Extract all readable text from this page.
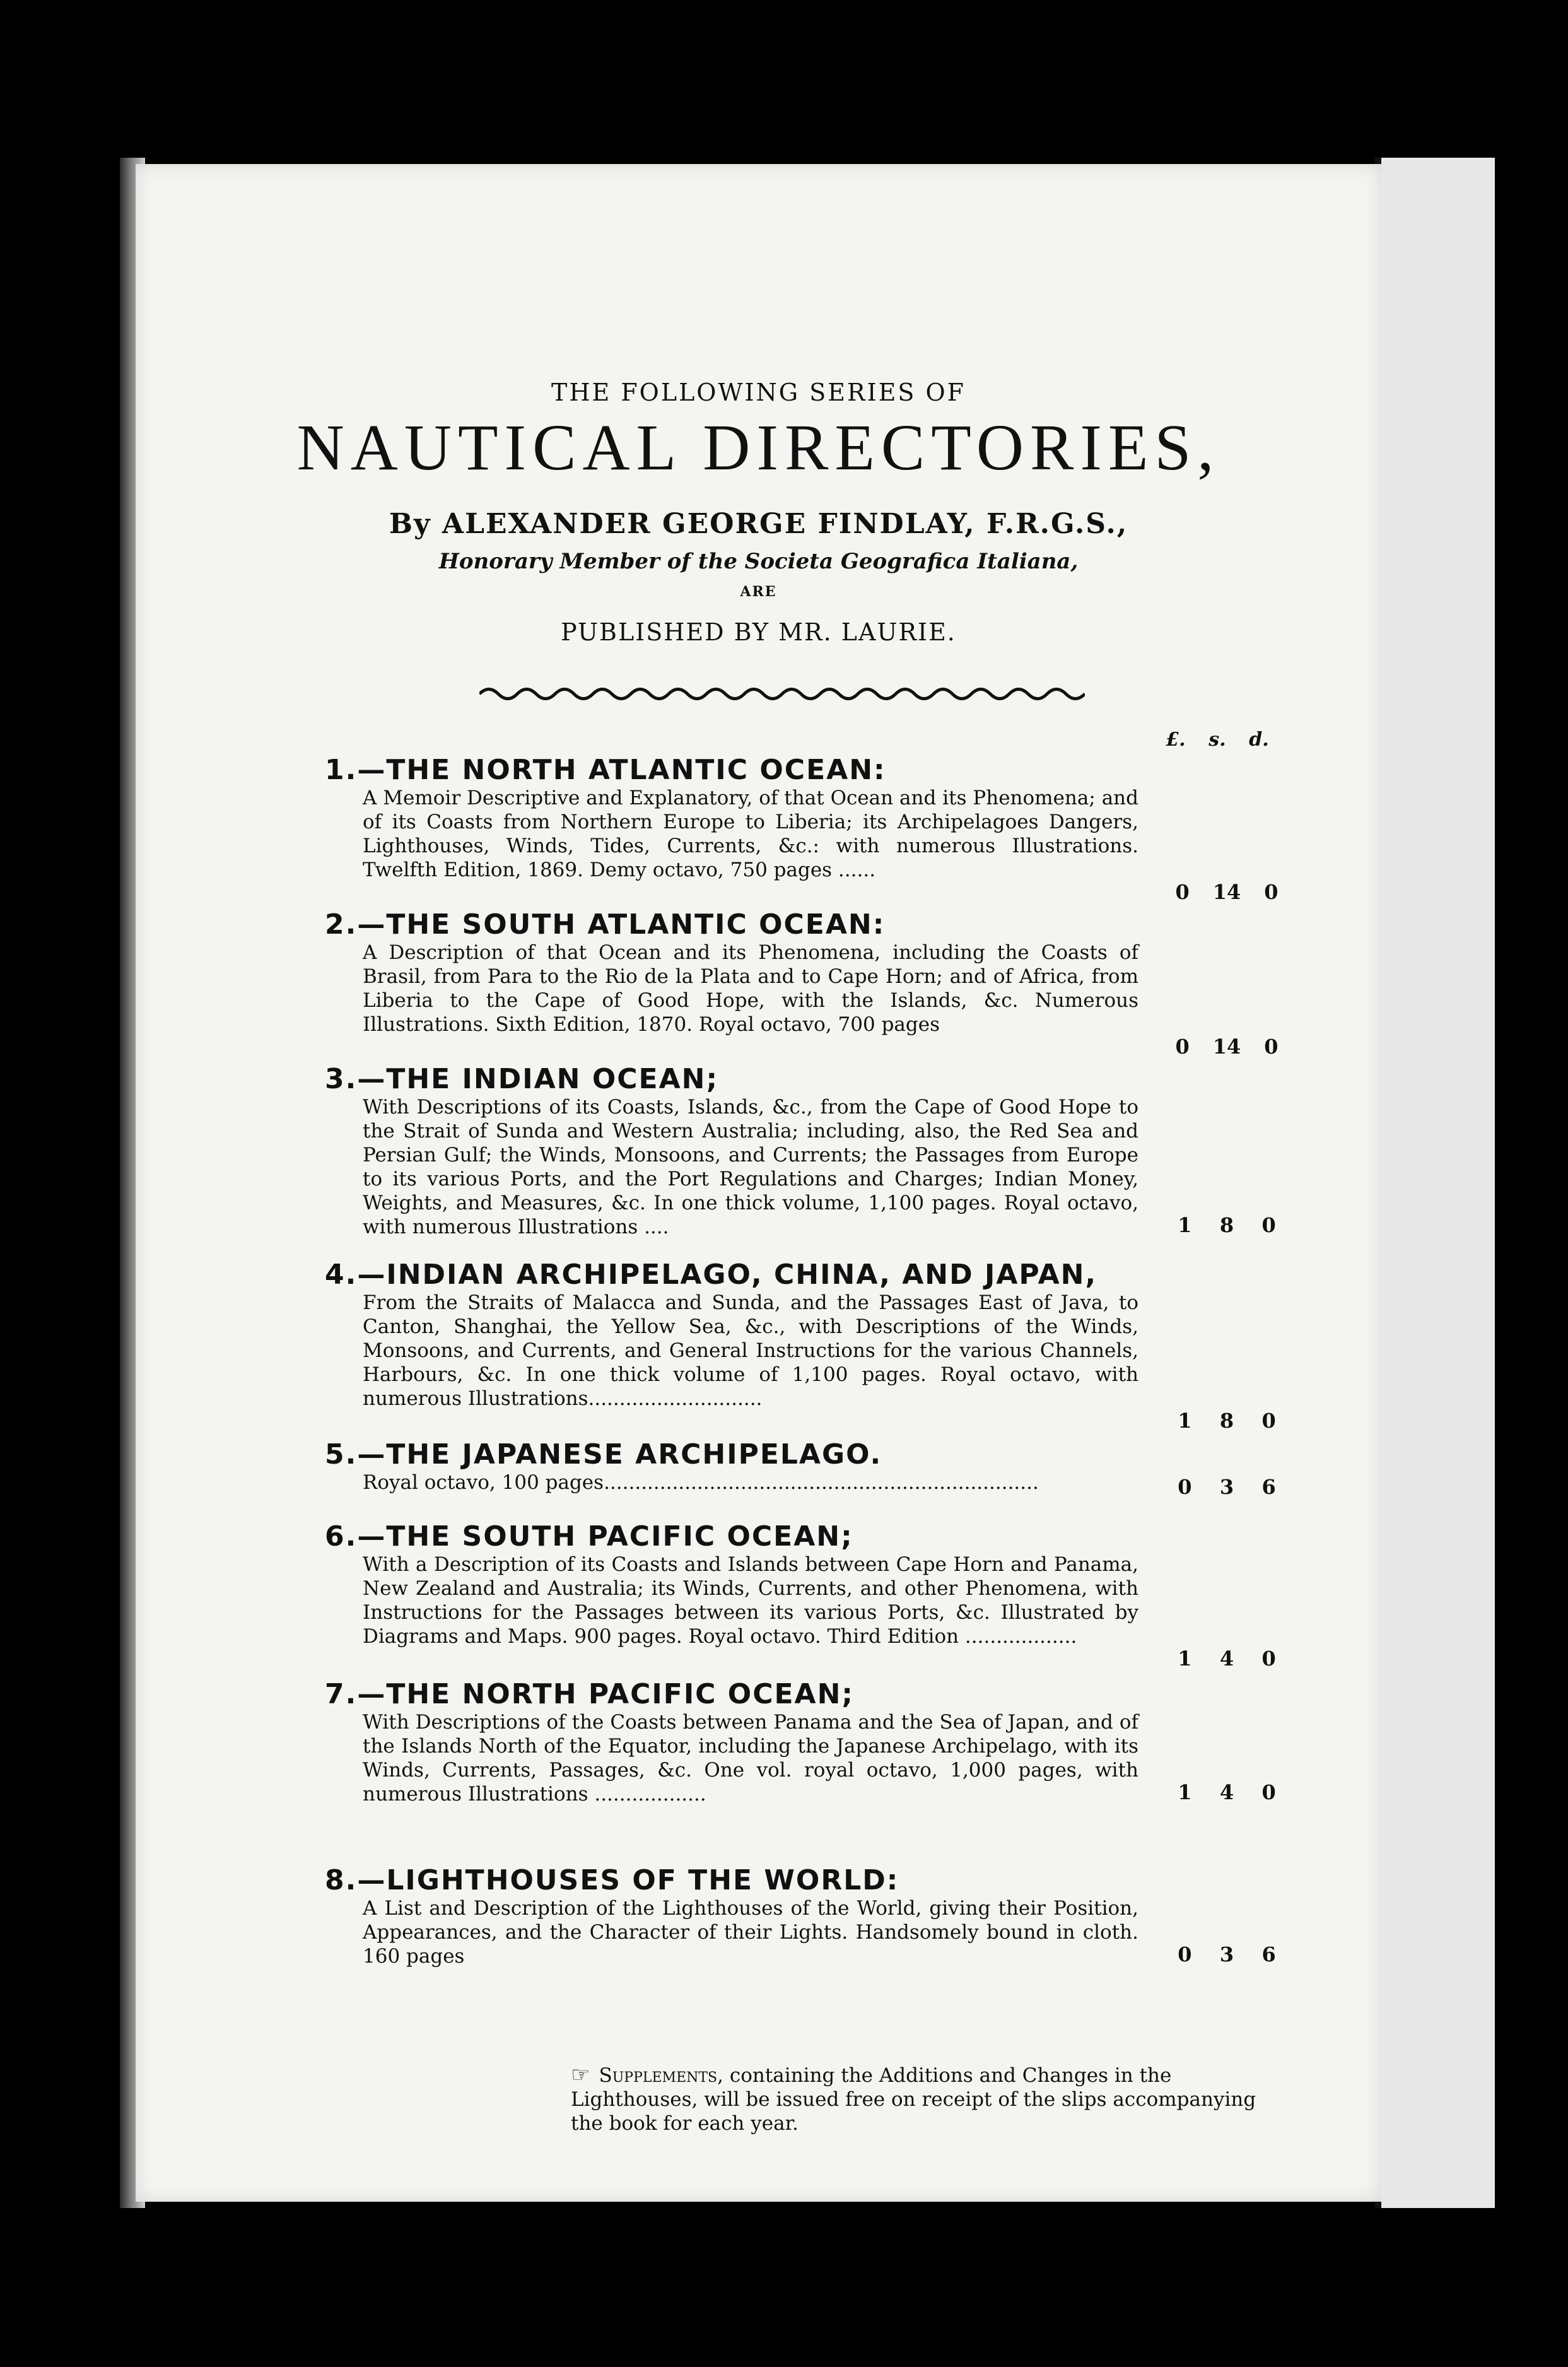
THE FOLLOWING SERIES OF
NAUTICAL DIRECTORIES,
By ALEXANDER GEORGE FINDLAY, F.R.G.S.,
Honorary Member of the Societa Geografica Italiana,
ARE
PUBLISHED BY MR. LAURIE.
£. s. d.
1.—THE NORTH ATLANTIC OCEAN:
A Memoir Descriptive and Explanatory, of that Ocean and its Phenomena; and of its Coasts from Northern Europe to Liberia; its Archipelagoes Dangers, Lighthouses, Winds, Tides, Currents, &c.: with numerous Illustrations. Twelfth Edition, 1869. Demy octavo, 750 pages ......
0 14 0
2.—THE SOUTH ATLANTIC OCEAN:
A Description of that Ocean and its Phenomena, including the Coasts of Brasil, from Para to the Rio de la Plata and to Cape Horn; and of Africa, from Liberia to the Cape of Good Hope, with the Islands, &c. Numerous Illustrations. Sixth Edition, 1870. Royal octavo, 700 pages
0 14 0
3.—THE INDIAN OCEAN;
With Descriptions of its Coasts, Islands, &c., from the Cape of Good Hope to the Strait of Sunda and Western Australia; including, also, the Red Sea and Persian Gulf; the Winds, Monsoons, and Currents; the Passages from Europe to its various Ports, and the Port Regulations and Charges; Indian Money, Weights, and Measures, &c. In one thick volume, 1,100 pages. Royal octavo, with numerous Illustrations ....	1 8 0
4.—INDIAN ARCHIPELAGO, CHINA, AND JAPAN,
From the Straits of Malacca and Sunda, and the Passages East of Java, to Canton, Shanghai, the Yellow Sea, &c., with Descriptions of the Winds, Monsoons, and Currents, and General Instructions for the various Channels, Harbours, &c. In one thick volume of 1,100 pages. Royal octavo, with numerous Illustrations............................
1 8 0
5.—THE JAPANESE ARCHIPELAGO.
Royal octavo, 100 pages......................................................................	0 3 6
6.—THE SOUTH PACIFIC OCEAN;
With a Description of its Coasts and Islands between Cape Horn and Panama, New Zealand and Australia; its Winds, Currents, and other Phenomena, with Instructions for the Passages between its various Ports, &c. Illustrated by Diagrams and Maps. 900 pages. Royal octavo. Third Edition ..................
1 4 0
7.—THE NORTH PACIFIC OCEAN;
With Descriptions of the Coasts between Panama and the Sea of Japan, and of the Islands North of the Equator, including the Japanese Archipelago, with its Winds, Currents, Passages, &c. One vol. royal octavo, 1,000 pages, with numerous Illustrations ..................	1 4 0
8.—LIGHTHOUSES OF THE WORLD:
A List and Description of the Lighthouses of the World, giving their Position, Appearances, and the Character of their Lights. Handsomely bound in cloth. 160 pages	0 3 6
☞ Supplements, containing the Additions and Changes in the Lighthouses, will be issued free on receipt of the slips accompanying the book for each year.
